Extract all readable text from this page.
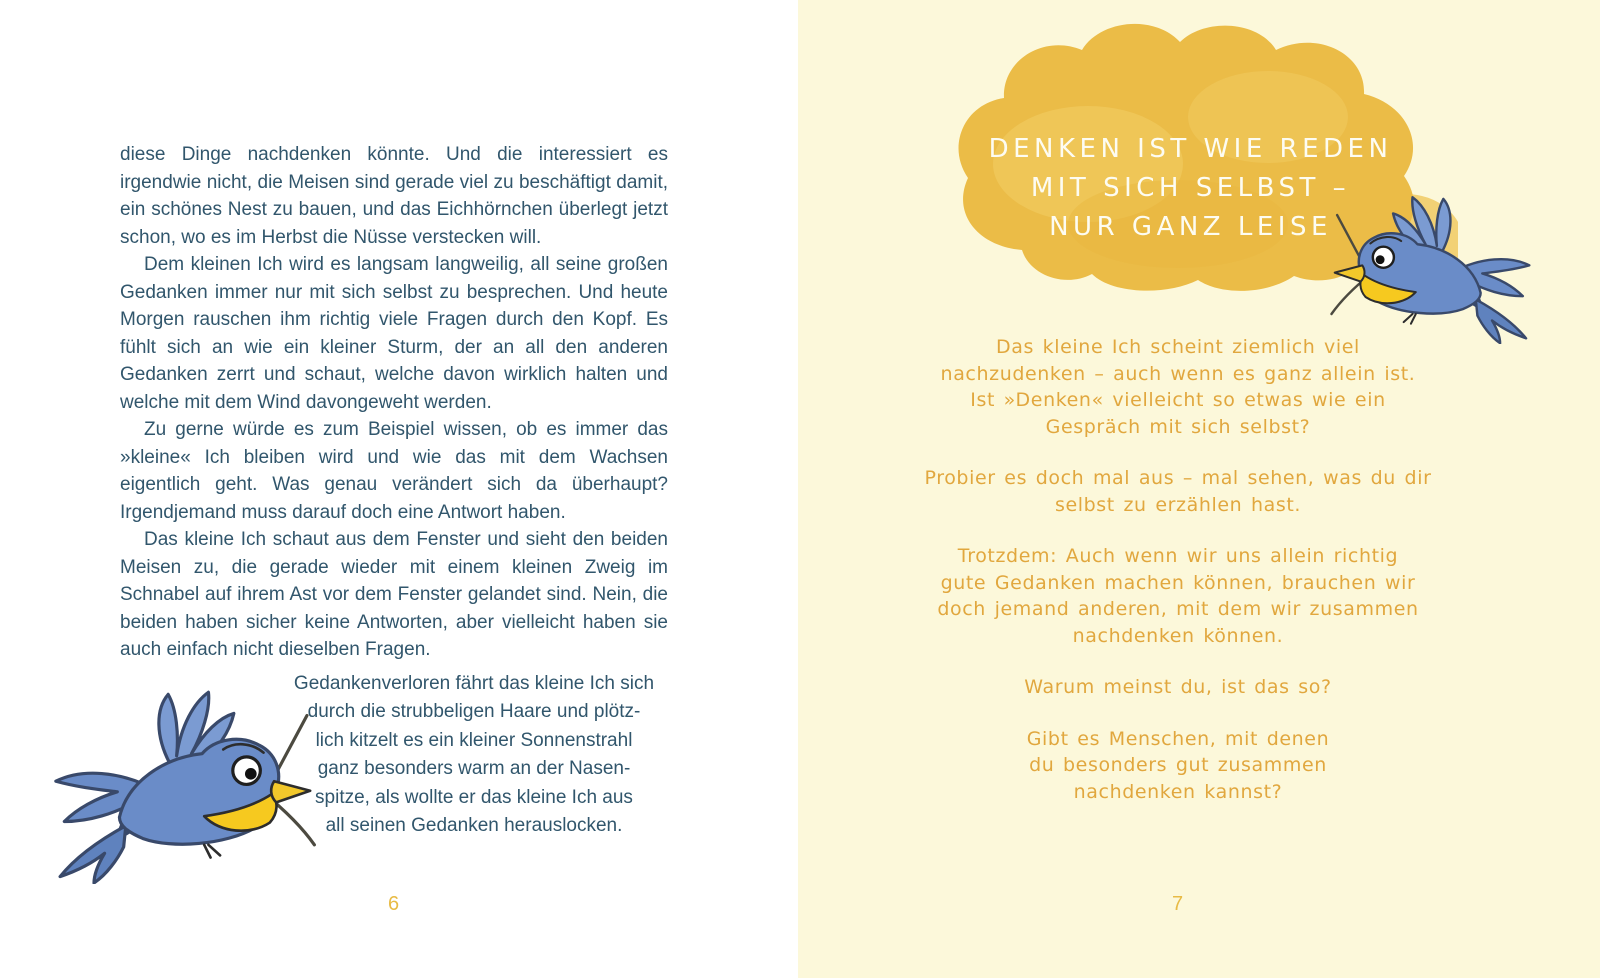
diese Dinge nachdenken könnte. Und die interessiert es irgendwie nicht, die Meisen sind gerade viel zu beschäftigt damit, ein schönes Nest zu bauen, und das Eichhörnchen überlegt jetzt schon, wo es im Herbst die Nüsse verstecken will.

Dem kleinen Ich wird es langsam langweilig, all seine großen Gedanken immer nur mit sich selbst zu besprechen. Und heute Morgen rauschen ihm richtig viele Fragen durch den Kopf. Es fühlt sich an wie ein kleiner Sturm, der an all den anderen Gedanken zerrt und schaut, welche davon wirklich halten und welche mit dem Wind davongeweht werden.

Zu gerne würde es zum Beispiel wissen, ob es immer das »kleine« Ich bleiben wird und wie das mit dem Wachsen eigentlich geht. Was genau verändert sich da überhaupt? Irgendjemand muss darauf doch eine Antwort haben.

Das kleine Ich schaut aus dem Fenster und sieht den beiden Meisen zu, die gerade wieder mit einem kleinen Zweig im Schnabel auf ihrem Ast vor dem Fenster gelandet sind. Nein, die beiden haben sicher keine Antworten, aber vielleicht haben sie auch einfach nicht dieselben Fragen.

Gedankenverloren fährt das kleine Ich sich
durch die strubbeligen Haare und plötz-
lich kitzelt es ein kleiner Sonnenstrahl
ganz besonders warm an der Nasen-
spitze, als wollte er das kleine Ich aus
all seinen Gedanken herauslocken.
6
DENKEN IST WIE REDEN
MIT SICH SELBST –
NUR GANZ LEISE
Das kleine Ich scheint ziemlich viel
nachzudenken – auch wenn es ganz allein ist.
Ist »Denken« vielleicht so etwas wie ein
Gespräch mit sich selbst?
Probier es doch mal aus – mal sehen, was du dir
selbst zu erzählen hast.
Trotzdem: Auch wenn wir uns allein richtig
gute Gedanken machen können, brauchen wir
doch jemand anderen, mit dem wir zusammen
nachdenken können.
Warum meinst du, ist das so?
Gibt es Menschen, mit denen
du besonders gut zusammen
nachdenken kannst?
7
